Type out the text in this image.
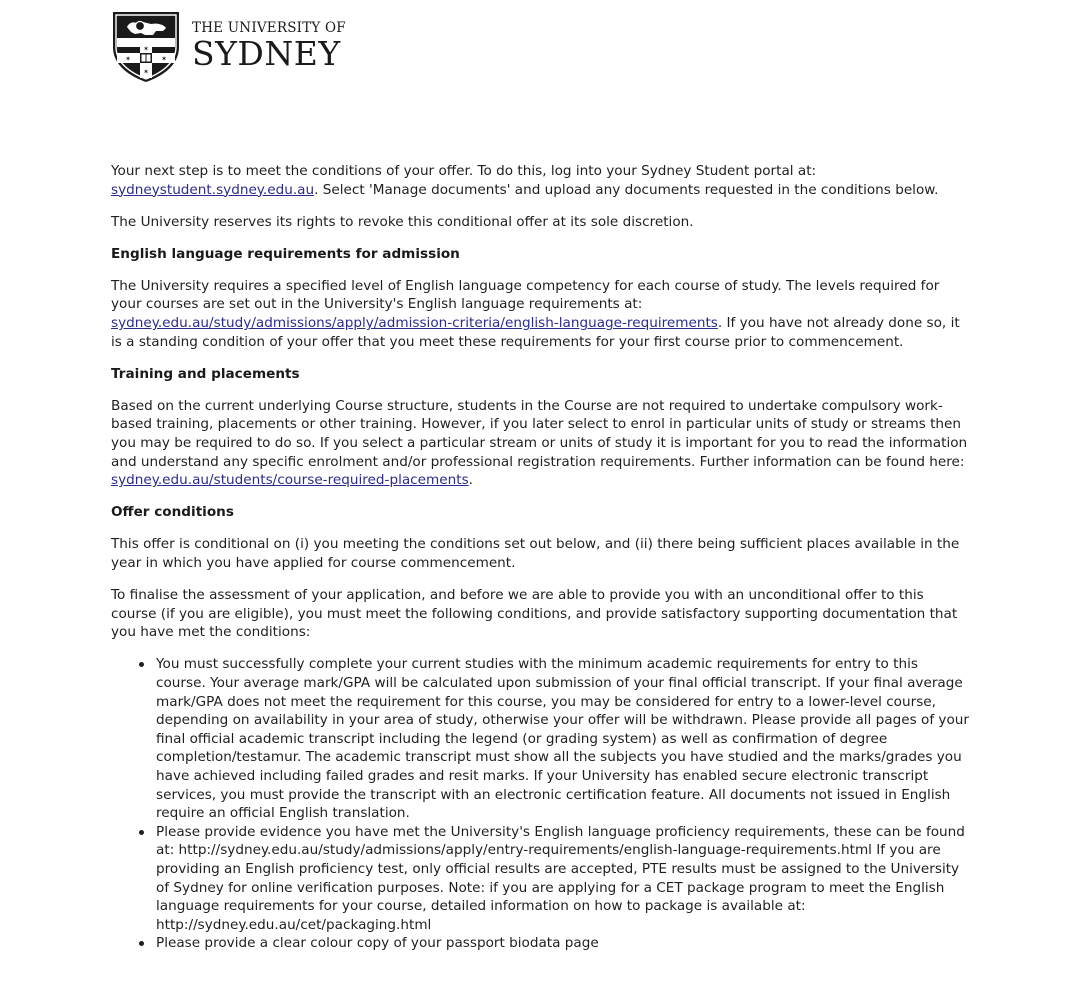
✶
✶
✶	✶
THE UNIVERSITY OF
SYDNEY

Your next step is to meet the conditions of your offer. To do this, log into your Sydney Student portal at: sydneystudent.sydney.edu.au. Select 'Manage documents' and upload any documents requested in the conditions below.

The University reserves its rights to revoke this conditional offer at its sole discretion.

English language requirements for admission

The University requires a specified level of English language competency for each course of study. The levels required for your courses are set out in the University's English language requirements at: sydney.edu.au/study/admissions/apply/admission-criteria/english-language-requirements. If you have not already done so, it is a standing condition of your offer that you meet these requirements for your first course prior to commencement.

Training and placements

Based on the current underlying Course structure, students in the Course are not required to undertake compulsory work-based training, placements or other training. However, if you later select to enrol in particular units of study or streams then you may be required to do so. If you select a particular stream or units of study it is important for you to read the information and understand any specific enrolment and/or professional registration requirements. Further information can be found here: sydney.edu.au/students/course-required-placements.

Offer conditions

This offer is conditional on (i) you meeting the conditions set out below, and (ii) there being sufficient places available in the year in which you have applied for course commencement.

To finalise the assessment of your application, and before we are able to provide you with an unconditional offer to this course (if you are eligible), you must meet the following conditions, and provide satisfactory supporting documentation that you have met the conditions:

You must successfully complete your current studies with the minimum academic requirements for entry to this course. Your average mark/GPA will be calculated upon submission of your final official transcript. If your final average mark/GPA does not meet the requirement for this course, you may be considered for entry to a lower-level course, depending on availability in your area of study, otherwise your offer will be withdrawn. Please provide all pages of your final official academic transcript including the legend (or grading system) as well as confirmation of degree completion/testamur. The academic transcript must show all the subjects you have studied and the marks/grades you have achieved including failed grades and resit marks. If your University has enabled secure electronic transcript services, you must provide the transcript with an electronic certification feature. All documents not issued in English require an official English translation.
Please provide evidence you have met the University's English language proficiency requirements, these can be found at: http://sydney.edu.au/study/admissions/apply/entry-requirements/english-language-requirements.html If you are providing an English proficiency test, only official results are accepted, PTE results must be assigned to the University of Sydney for online verification purposes. Note: if you are applying for a CET package program to meet the English language requirements for your course, detailed information on how to package is available at: http://sydney.edu.au/cet/packaging.html
Please provide a clear colour copy of your passport biodata page
